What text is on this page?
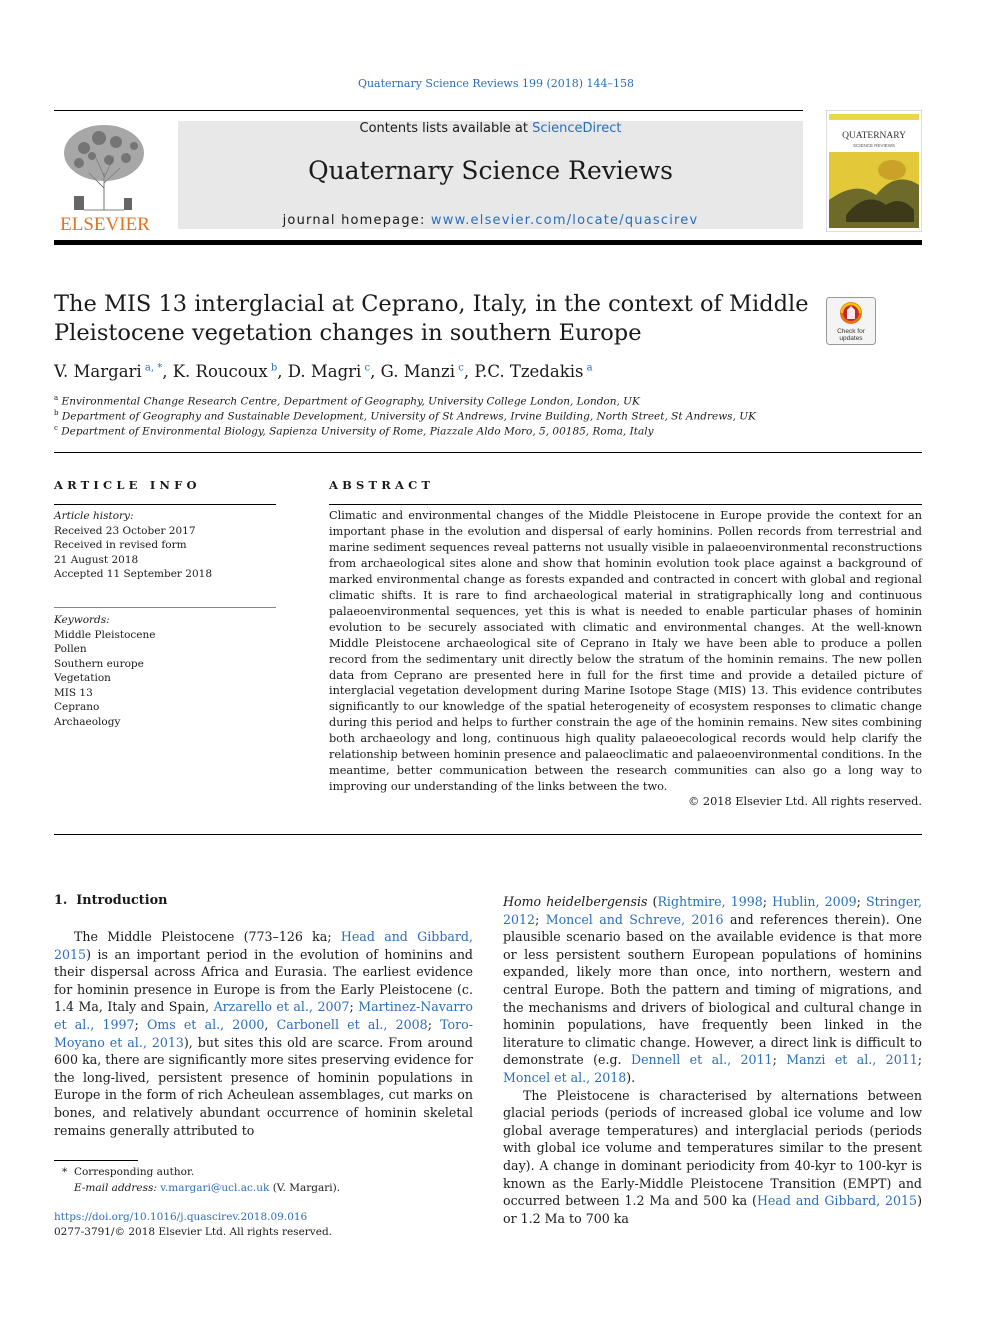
Quaternary Science Reviews 199 (2018) 144–158
ELSEVIER
Contents lists available at ScienceDirect
Quaternary Science Reviews
journal homepage: www.elsevier.com/locate/quascirev
QUATERNARY
SCIENCE REVIEWS
The MIS 13 interglacial at Ceprano, Italy, in the context of Middle Pleistocene vegetation changes in southern Europe	Check for
updates
V. Margari $^{a, *}$, K. Roucoux $^b$, D. Magri $^c$, G. Manzi $^c$, P.C. Tzedakis $^a$
$^a$ Environmental Change Research Centre, Department of Geography, University College London, London, UK
$^b$ Department of Geography and Sustainable Development, University of St Andrews, Irvine Building, North Street, St Andrews, UK
$^c$ Department of Environmental Biology, Sapienza University of Rome, Piazzale Aldo Moro, 5, 00185, Roma, Italy
ARTICLE INFO	ABSTRACT
Article history:
Received 23 October 2017
Received in revised form
21 August 2018
Accepted 11 September 2018
Keywords:
Middle Pleistocene
Pollen
Southern europe
Vegetation
MIS 13
Ceprano
Archaeology
Climatic and environmental changes of the Middle Pleistocene in Europe provide the context for an important phase in the evolution and dispersal of early hominins. Pollen records from terrestrial and marine sediment sequences reveal patterns not usually visible in palaeoenvironmental reconstructions from archaeological sites alone and show that hominin evolution took place against a background of marked environmental change as forests expanded and contracted in concert with global and regional climatic shifts. It is rare to find archaeological material in stratigraphically long and continuous palaeoenvironmental sequences, yet this is what is needed to enable particular phases of hominin evolution to be securely associated with climatic and environmental changes. At the well-known Middle Pleistocene archaeological site of Ceprano in Italy we have been able to produce a pollen record from the sedimentary unit directly below the stratum of the hominin remains. The new pollen data from Ceprano are presented here in full for the first time and provide a detailed picture of interglacial vegetation development during Marine Isotope Stage (MIS) 13. This evidence contributes significantly to our knowledge of the spatial heterogeneity of ecosystem responses to climatic change during this period and helps to further constrain the age of the hominin remains. New sites combining both archaeology and long, continuous high quality palaeoecological records would help clarify the relationship between hominin presence and palaeoclimatic and palaeoenvironmental conditions. In the meantime, better communication between the research communities can also go a long way to improving our understanding of the links between the two.
© 2018 Elsevier Ltd. All rights reserved.
1. Introduction

The Middle Pleistocene (773–126 ka; Head and Gibbard, 2015) is an important period in the evolution of hominins and their dispersal across Africa and Eurasia. The earliest evidence for hominin presence in Europe is from the Early Pleistocene (c. 1.4 Ma, Italy and Spain, Arzarello et al., 2007; Martinez-Navarro et al., 1997; Oms et al., 2000, Carbonell et al., 2008; Toro-Moyano et al., 2013), but sites this old are scarce. From around 600 ka, there are significantly more sites preserving evidence for the long-lived, persistent presence of hominin populations in Europe in the form of rich Acheulean assemblages, cut marks on bones, and relatively abundant occurrence of hominin skeletal remains generally attributed to

Homo heidelbergensis (Rightmire, 1998; Hublin, 2009; Stringer, 2012; Moncel and Schreve, 2016 and references therein). One plausible scenario based on the available evidence is that more or less persistent southern European populations of hominins expanded, likely more than once, into northern, western and central Europe. Both the pattern and timing of migrations, and the mechanisms and drivers of biological and cultural change in hominin populations, have frequently been linked in the literature to climatic change. However, a direct link is difficult to demonstrate (e.g. Dennell et al., 2011; Manzi et al., 2011; Moncel et al., 2018).

The Pleistocene is characterised by alternations between glacial periods (periods of increased global ice volume and low global average temperatures) and interglacial periods (periods with global ice volume and temperatures similar to the present day). A change in dominant periodicity from 40-kyr to 100-kyr is known as the Early-Middle Pleistocene Transition (EMPT) and occurred between 1.2 Ma and 500 ka (Head and Gibbard, 2015) or 1.2 Ma to 700 ka

* Corresponding author.
E-mail address: v.margari@ucl.ac.uk (V. Margari).
https://doi.org/10.1016/j.quascirev.2018.09.016
0277-3791/© 2018 Elsevier Ltd. All rights reserved.
